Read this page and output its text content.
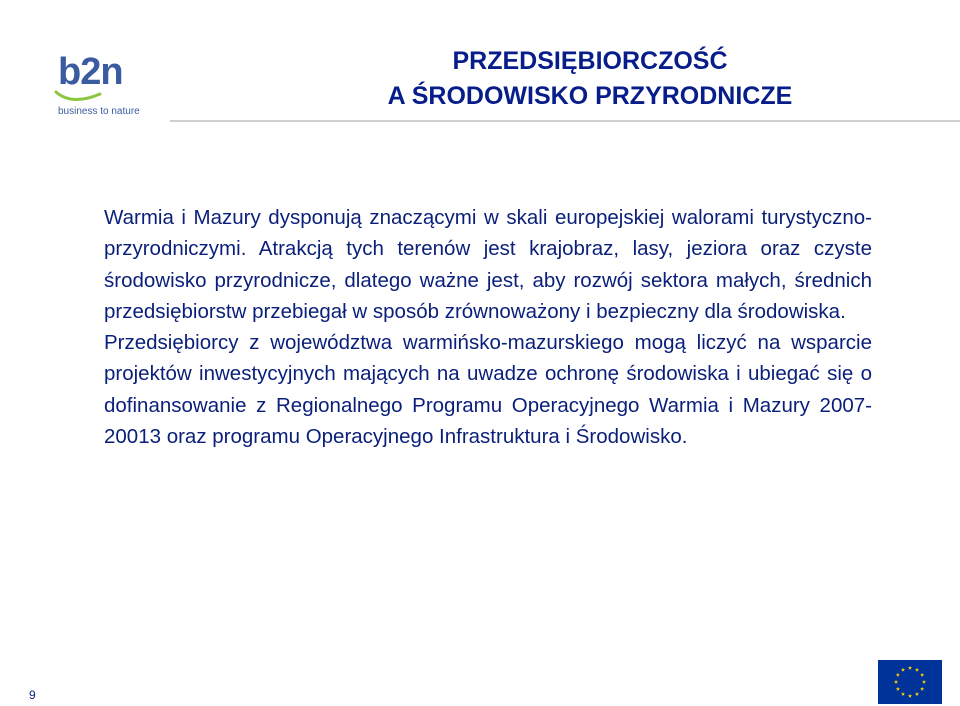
b2n
business to nature
PRZEDSIĘBIORCZOŚĆ
A ŚRODOWISKO PRZYRODNICZE

Warmia i Mazury dysponują znaczącymi w skali europejskiej walorami turystyczno-przyrodniczymi. Atrakcją tych terenów jest krajobraz, lasy, jeziora oraz czyste środowisko przyrodnicze, dlatego ważne jest, aby rozwój sektora małych, średnich przedsiębiorstw przebiegał w sposób zrównoważony i bezpieczny dla środowiska.

Przedsiębiorcy z województwa warmińsko-mazurskiego mogą liczyć na wsparcie projektów inwestycyjnych mających na uwadze ochronę środowiska i ubiegać się o dofinansowanie z Regionalnego Programu Operacyjnego Warmia i Mazury 2007-20013 oraz programu Operacyjnego Infrastruktura i Środowisko.

9
